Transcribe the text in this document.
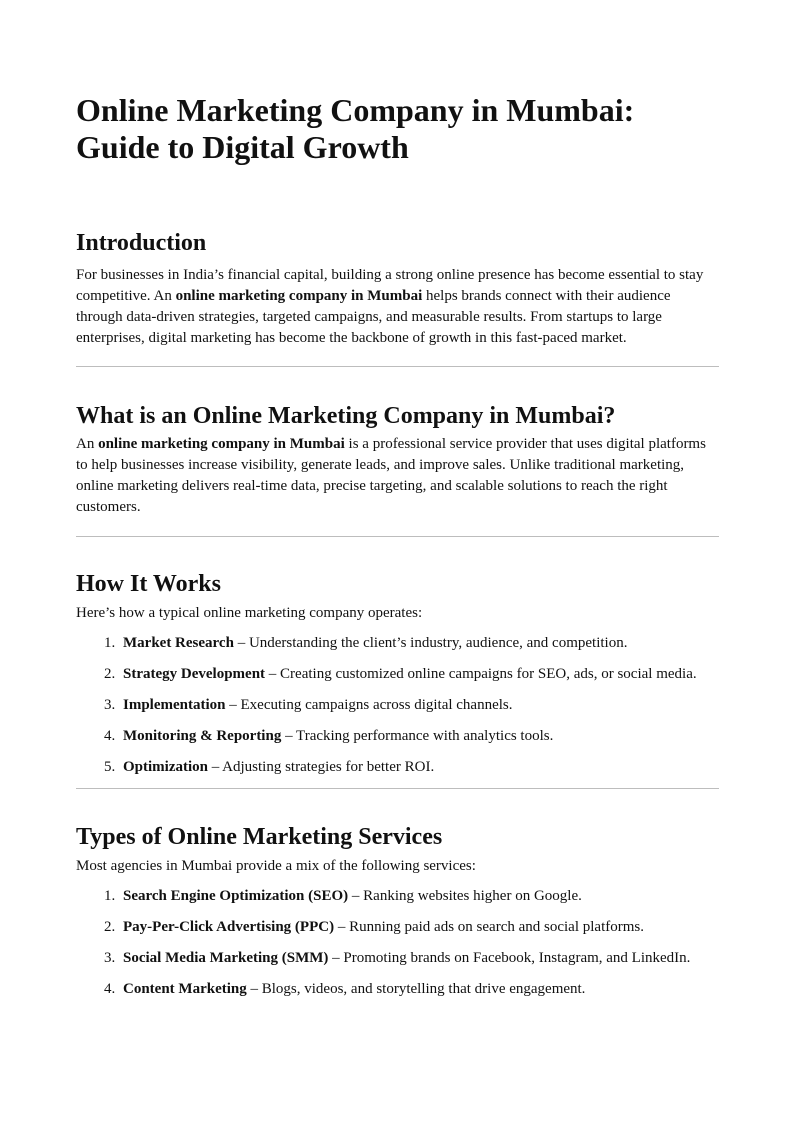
Online Marketing Company in Mumbai: Guide to Digital Growth
Introduction

For businesses in India’s financial capital, building a strong online presence has become essential to stay competitive. An online marketing company in Mumbai helps brands connect with their audience through data-driven strategies, targeted campaigns, and measurable results. From startups to large enterprises, digital marketing has become the backbone of growth in this fast-paced market.

What is an Online Marketing Company in Mumbai?

An online marketing company in Mumbai is a professional service provider that uses digital platforms to help businesses increase visibility, generate leads, and improve sales. Unlike traditional marketing, online marketing delivers real-time data, precise targeting, and scalable solutions to reach the right customers.

How It Works

Here’s how a typical online marketing company operates:

1. Market Research – Understanding the client’s industry, audience, and competition.
2. Strategy Development – Creating customized online campaigns for SEO, ads, or social media.
3. Implementation – Executing campaigns across digital channels.
4. Monitoring & Reporting – Tracking performance with analytics tools.
5. Optimization – Adjusting strategies for better ROI.
Types of Online Marketing Services

Most agencies in Mumbai provide a mix of the following services:

1. Search Engine Optimization (SEO) – Ranking websites higher on Google.
2. Pay-Per-Click Advertising (PPC) – Running paid ads on search and social platforms.
3. Social Media Marketing (SMM) – Promoting brands on Facebook, Instagram, and LinkedIn.
4. Content Marketing – Blogs, videos, and storytelling that drive engagement.
